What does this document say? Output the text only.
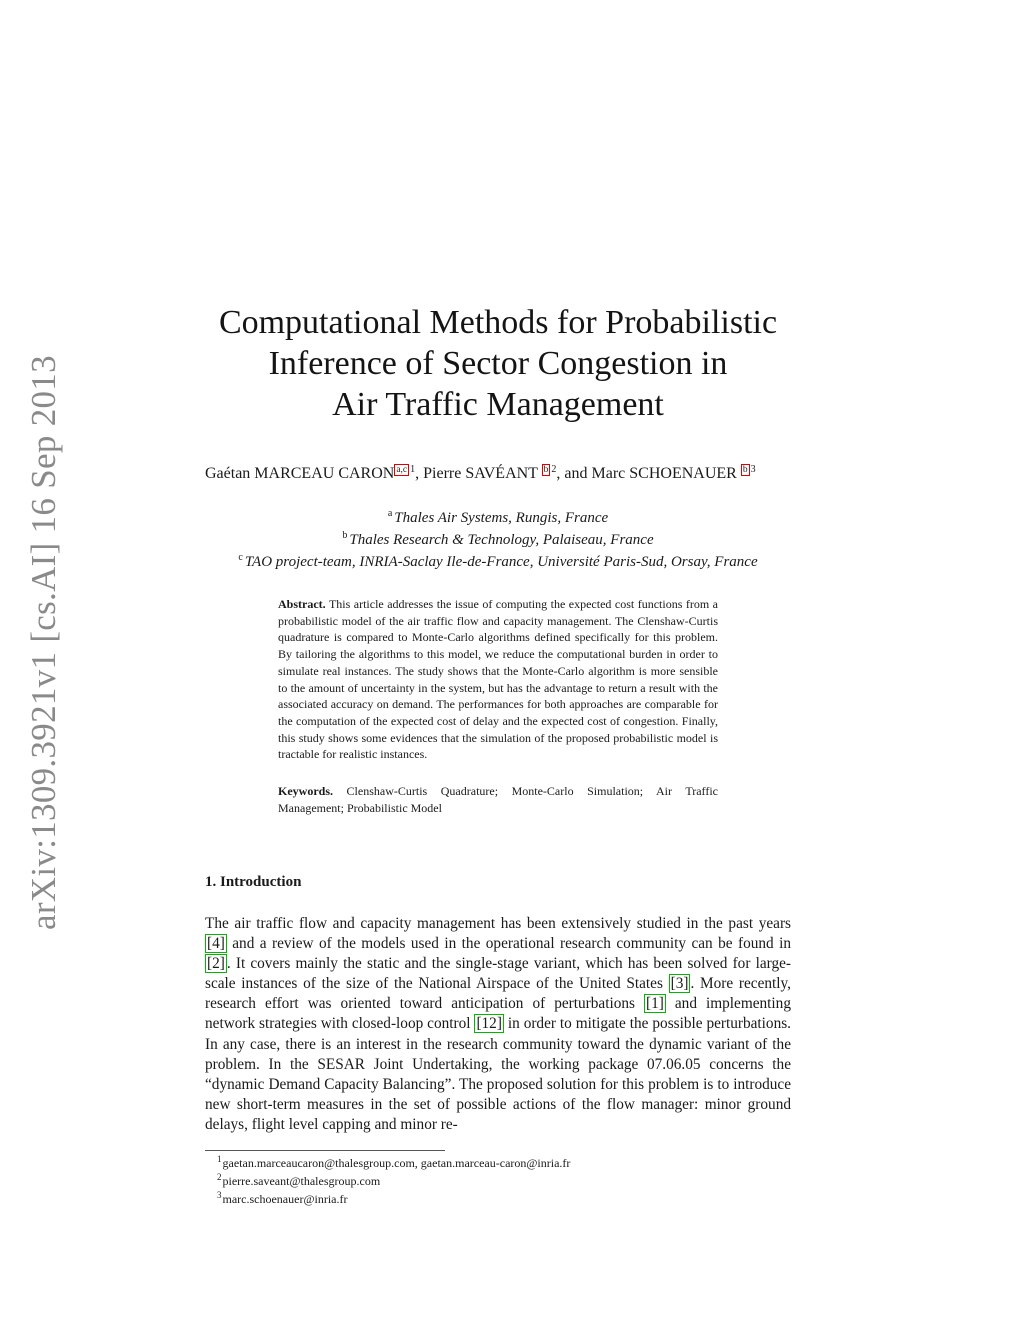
arXiv:1309.3921v1 [cs.AI] 16 Sep 2013
Computational Methods for Probabilistic
Inference of Sector Congestion in
Air Traffic Management
Gaétan MARCEAU CARON $^{a,c}$ $^1$, Pierre SAVÉANT $^b$ $^2$, and Marc SCHOENAUER $^b$ $^3$
$^a$ Thales Air Systems, Rungis, France
$^b$ Thales Research & Technology, Palaiseau, France
$^c$ TAO project-team, INRIA-Saclay Ile-de-France, Université Paris-Sud, Orsay, France
Abstract. This article addresses the issue of computing the expected cost functions from a probabilistic model of the air traffic flow and capacity management. The Clenshaw-Curtis quadrature is compared to Monte-Carlo algorithms defined specifically for this problem. By tailoring the algorithms to this model, we reduce the computational burden in order to simulate real instances. The study shows that the Monte-Carlo algorithm is more sensible to the amount of uncertainty in the system, but has the advantage to return a result with the associated accuracy on demand. The performances for both approaches are comparable for the computation of the expected cost of delay and the expected cost of congestion. Finally, this study shows some evidences that the simulation of the proposed probabilistic model is tractable for realistic instances.
Keywords. Clenshaw-Curtis Quadrature; Monte-Carlo Simulation; Air Traffic Management; Probabilistic Model
1. Introduction
The air traffic flow and capacity management has been extensively studied in the past years [4] and a review of the models used in the operational research community can be found in [2] . It covers mainly the static and the single-stage variant, which has been solved for large-scale instances of the size of the National Airspace of the United States [3] . More recently, research effort was oriented toward anticipation of perturbations [1] and implementing network strategies with closed-loop control [12] in order to mitigate the possible perturbations. In any case, there is an interest in the research community toward the dynamic variant of the problem. In the SESAR Joint Undertaking, the working package 07.06.05 concerns the “dynamic Demand Capacity Balancing”. The proposed solution for this problem is to introduce new short-term measures in the set of possible actions of the flow manager: minor ground delays, flight level capping and minor re-
$^1$gaetan.marceaucaron@thalesgroup.com, gaetan.marceau-caron@inria.fr
$^2$pierre.saveant@thalesgroup.com
$^3$marc.schoenauer@inria.fr
